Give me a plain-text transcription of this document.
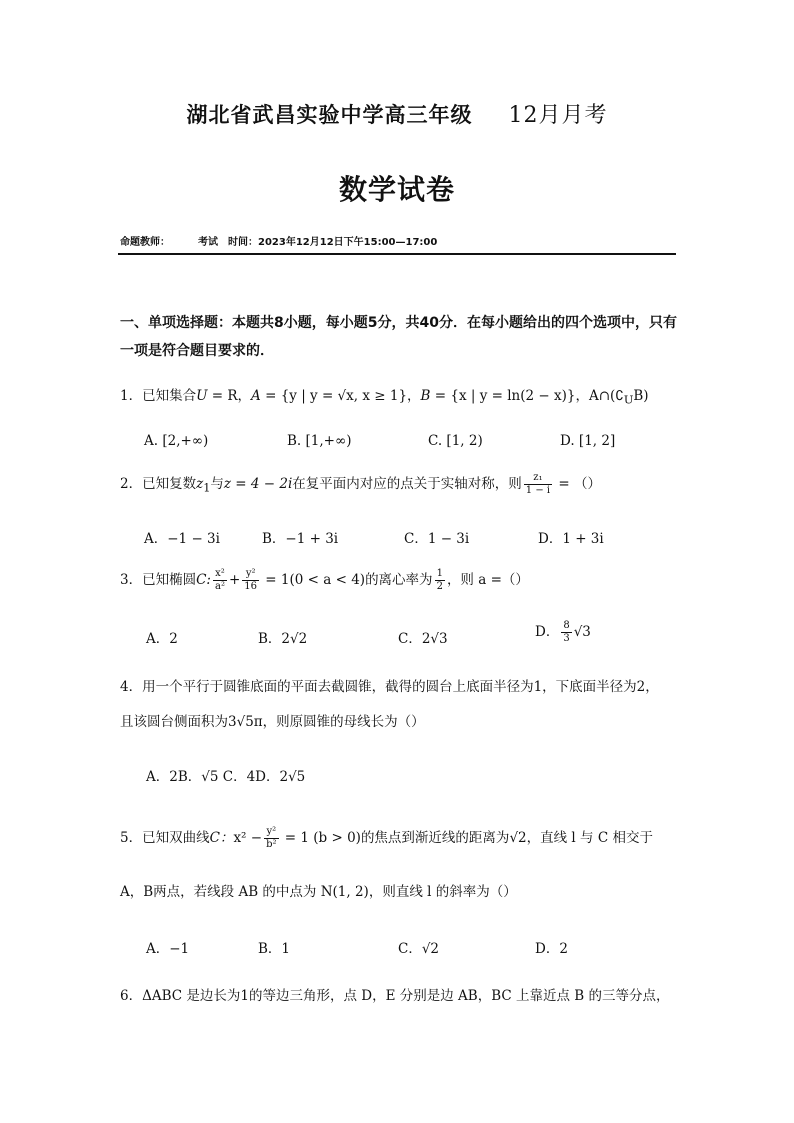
湖北省武昌实验中学高三年级 12月月考
数学试卷
命题教师：	考试　时间：2023年12月12日下午15:00—17:00
一、单项选择题：本题共8小题，每小题5分，共40分．在每小题给出的四个选项中，只有一项是符合题目要求的．
1．已知集合U = R，A = {y | y = √x, x ≥ 1}，B = {x | y = ln(2 − x)}，$A\cap(∁_UB)$
A. [2,+∞)	B. [1,+∞)	C. [1, 2)	D. [1, 2]
2．已知复数$z_1$与z = 4 − 2i在复平面内对应的点关于实轴对称，则 $\frac{\text{z₁}}{1 - i}$ = （）
A．−1 − 3i	B．−1 + 3i	C．1 − 3i	D．1 + 3i
3．已知椭圆C: $\frac{\text{x²}}{\text{a²}} + \frac{\text{y²}}{16} = 1(0 < a < 4)$的离心率为 $\frac{1}{2}$ ，则 a =（）
A．2	B．2√2	C．2√3	D． $\frac{8}{3} √3$
4．用一个平行于圆锥底面的平面去截圆锥，截得的圆台上底面半径为1，下底面半径为2，
且该圆台侧面积为3√5π，则原圆锥的母线长为（）
A．2B．√5 C．4D．2√5
5．已知双曲线C：$x^2 - \frac{\text{y²}}{\text{b²}} = 1$ (b > 0)的焦点到渐近线的距离为√2，直线 l 与 C 相交于
A，B两点，若线段 AB 的中点为 N(1, 2)，则直线 l 的斜率为（）
A．−1	B．1	C．√2	D．2
6．ΔABC 是边长为1的等边三角形，点 D，E 分别是边 AB，BC 上靠近点 B 的三等分点，
